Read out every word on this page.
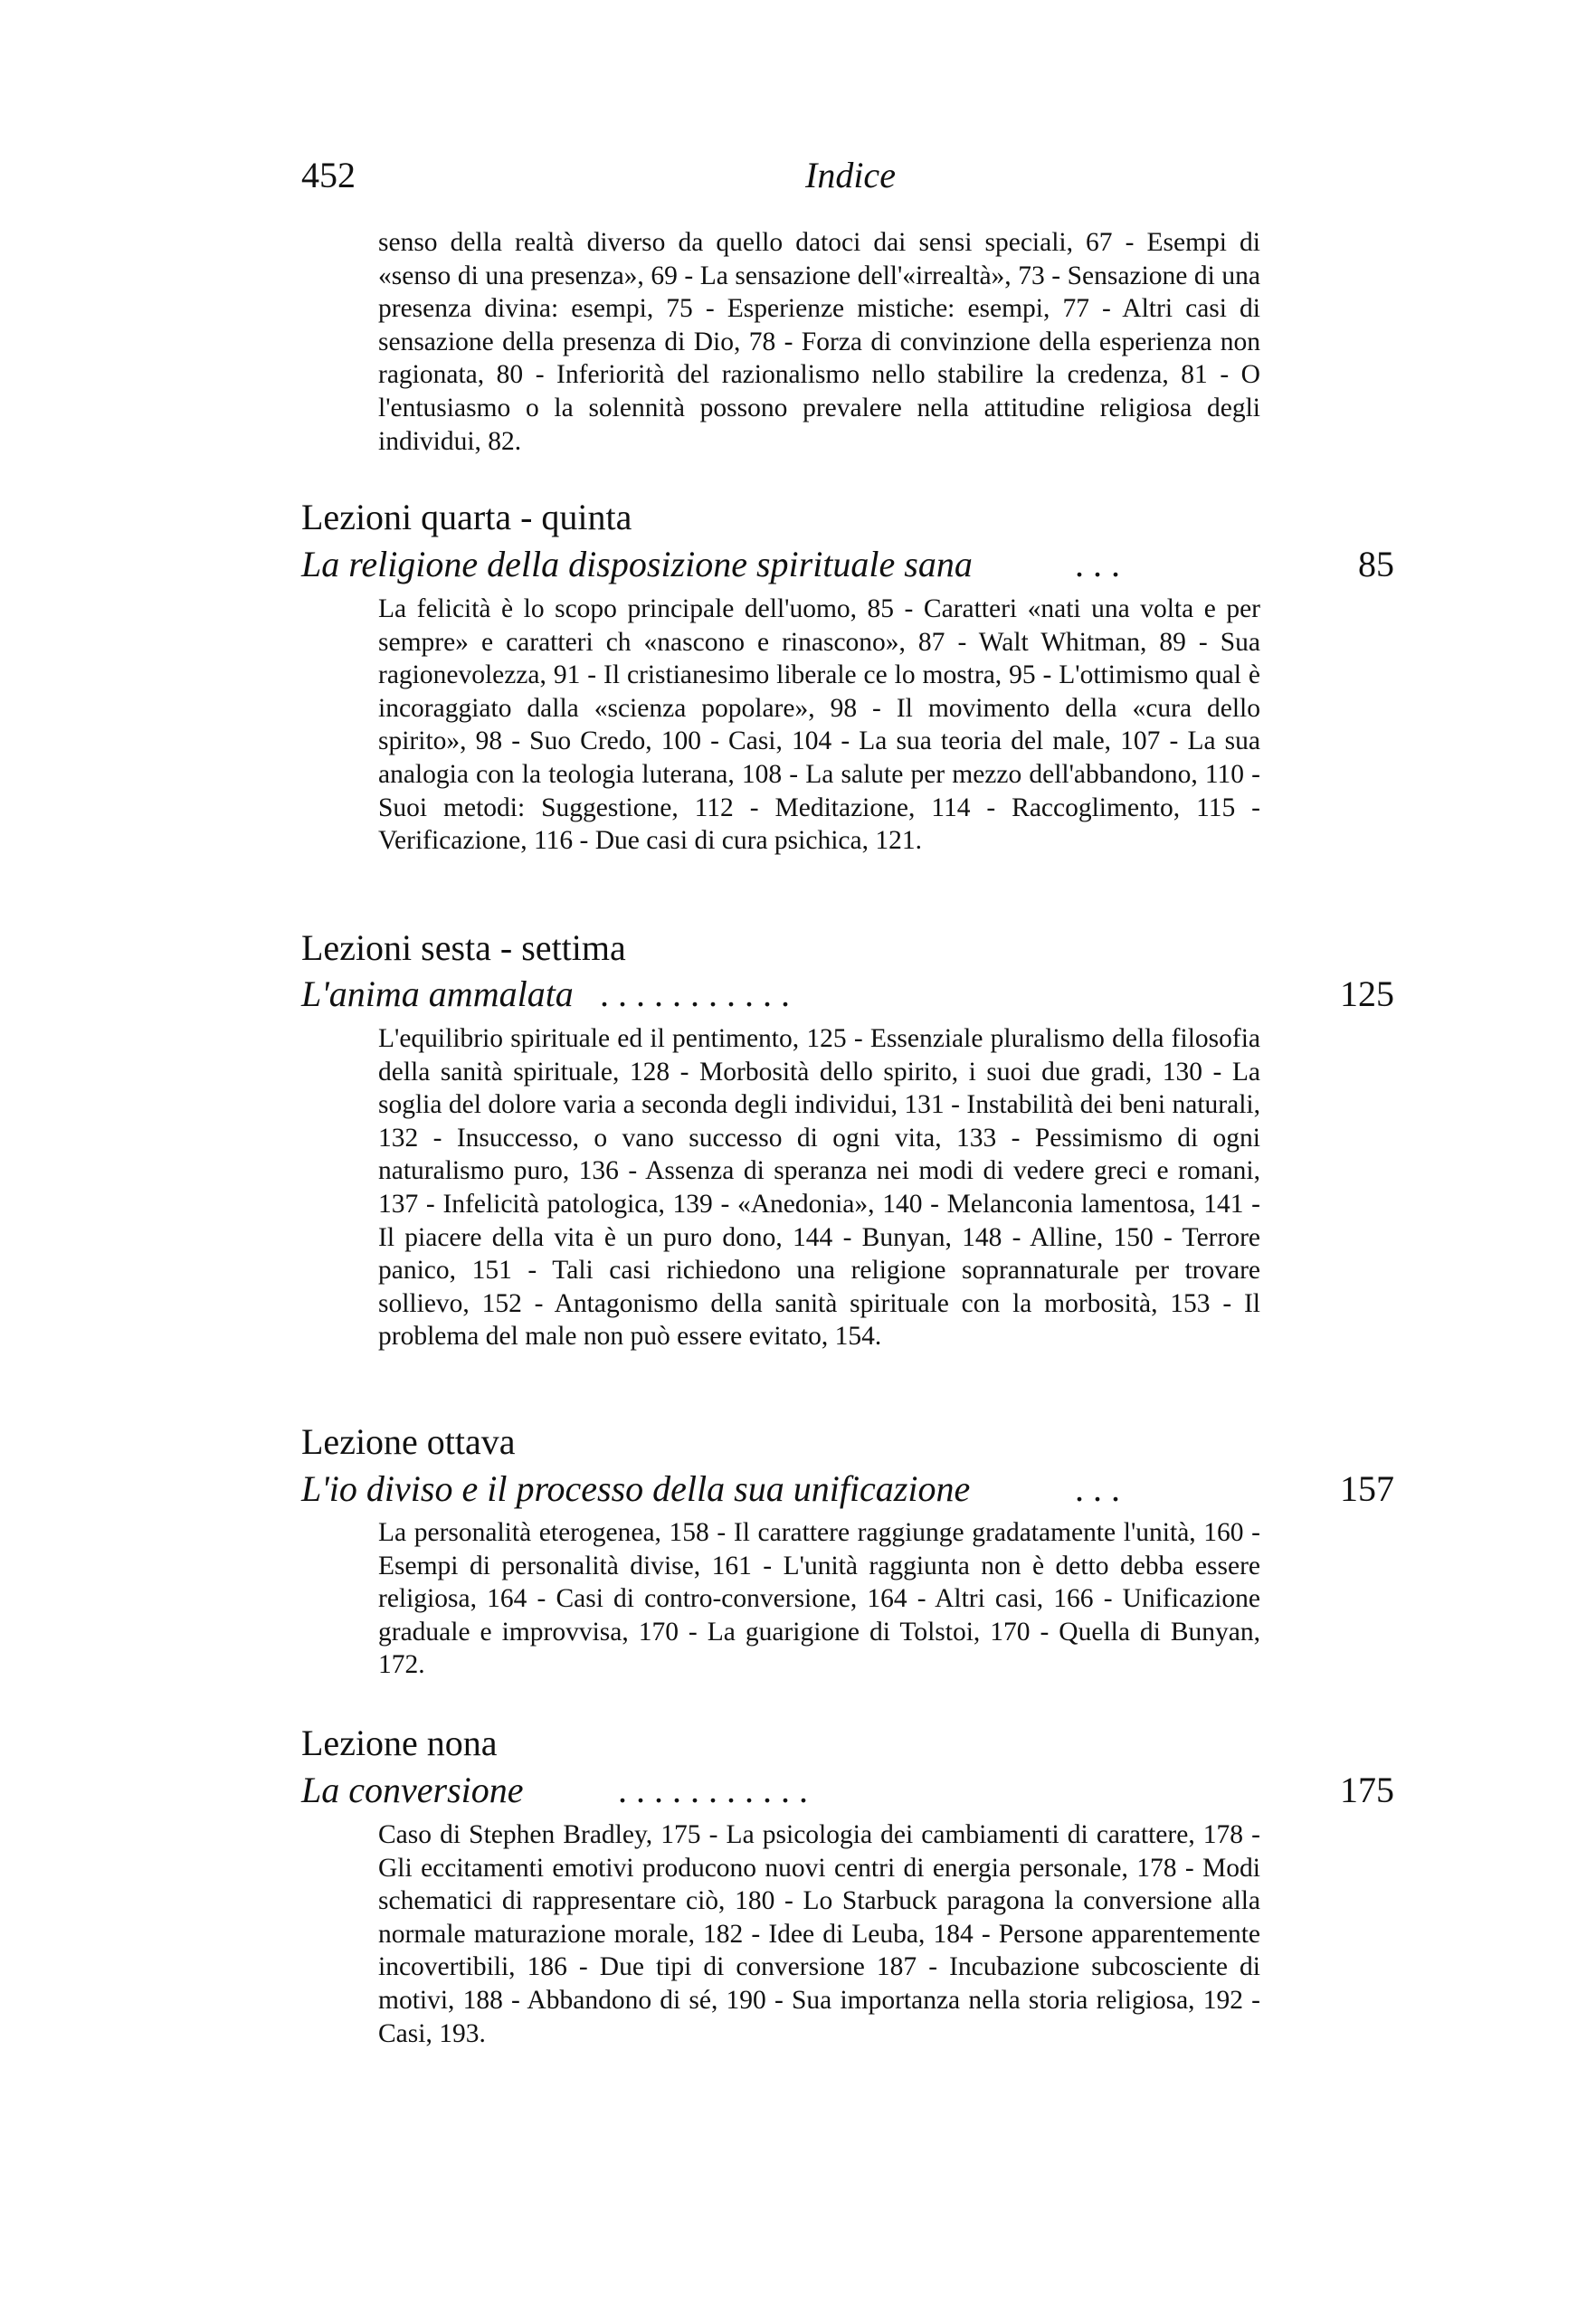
452	Indice

senso della realtà diverso da quello datoci dai sensi speciali, 67 - Esempi di «senso di una presenza», 69 - La sensazione dell'«irrealtà», 73 - Sensazione di una presenza divina: esempi, 75 - Esperienze mistiche: esempi, 77 - Altri casi di sensazione della presenza di Dio, 78 - Forza di convinzione della esperienza non ragionata, 80 - Inferiorità del razionalismo nello stabilire la credenza, 81 - O l'entusiasmo o la solennità possono prevalere nella attitudine religiosa degli individui, 82.

Lezioni quarta - quinta
La religione della disposizione spirituale sana	. . .	85

La felicità è lo scopo principale dell'uomo, 85 - Caratteri «nati una volta e per sempre» e caratteri ch «nascono e rinascono», 87 - Walt Whitman, 89 - Sua ragionevolezza, 91 - Il cristianesimo liberale ce lo mostra, 95 - L'ottimismo qual è incoraggiato dalla «scienza popolare», 98 - Il movimento della «cura dello spirito», 98 - Suo Credo, 100 - Casi, 104 - La sua teoria del male, 107 - La sua analogia con la teologia luterana, 108 - La salute per mezzo dell'abbandono, 110 - Suoi metodi: Suggestione, 112 - Meditazione, 114 - Raccoglimento, 115 - Verificazione, 116 - Due casi di cura psichica, 121.

Lezioni sesta - settima
L'anima ammalata . . . . . . . . . . .	125

L'equilibrio spirituale ed il pentimento, 125 - Essenziale pluralismo della filosofia della sanità spirituale, 128 - Morbosità dello spirito, i suoi due gradi, 130 - La soglia del dolore varia a seconda degli individui, 131 - Instabilità dei beni naturali, 132 - Insuccesso, o vano successo di ogni vita, 133 - Pessimismo di ogni naturalismo puro, 136 - Assenza di speranza nei modi di vedere greci e romani, 137 - Infelicità patologica, 139 - «Anedonia», 140 - Melanconia lamentosa, 141 - Il piacere della vita è un puro dono, 144 - Bunyan, 148 - Alline, 150 - Terrore panico, 151 - Tali casi richiedono una religione soprannaturale per trovare sollievo, 152 - Antagonismo della sanità spirituale con la morbosità, 153 - Il problema del male non può essere evitato, 154.

Lezione ottava
L'io diviso e il processo della sua unificazione	. . .	157

La personalità eterogenea, 158 - Il carattere raggiunge gradatamente l'unità, 160 - Esempi di personalità divise, 161 - L'unità raggiunta non è detto debba essere religiosa, 164 - Casi di contro-conversione, 164 - Altri casi, 166 - Unificazione graduale e improvvisa, 170 - La guarigione di Tolstoi, 170 - Quella di Bunyan, 172.

Lezione nona
La conversione	. . . . . . . . . . .	175

Caso di Stephen Bradley, 175 - La psicologia dei cambiamenti di carattere, 178 - Gli eccitamenti emotivi producono nuovi centri di energia personale, 178 - Modi schematici di rappresentare ciò, 180 - Lo Starbuck paragona la conversione alla normale maturazione morale, 182 - Idee di Leuba, 184 - Persone apparentemente incovertibili, 186 - Due tipi di conversione 187 - Incubazione subcosciente di motivi, 188 - Abbandono di sé, 190 - Sua importanza nella storia religiosa, 192 - Casi, 193.
